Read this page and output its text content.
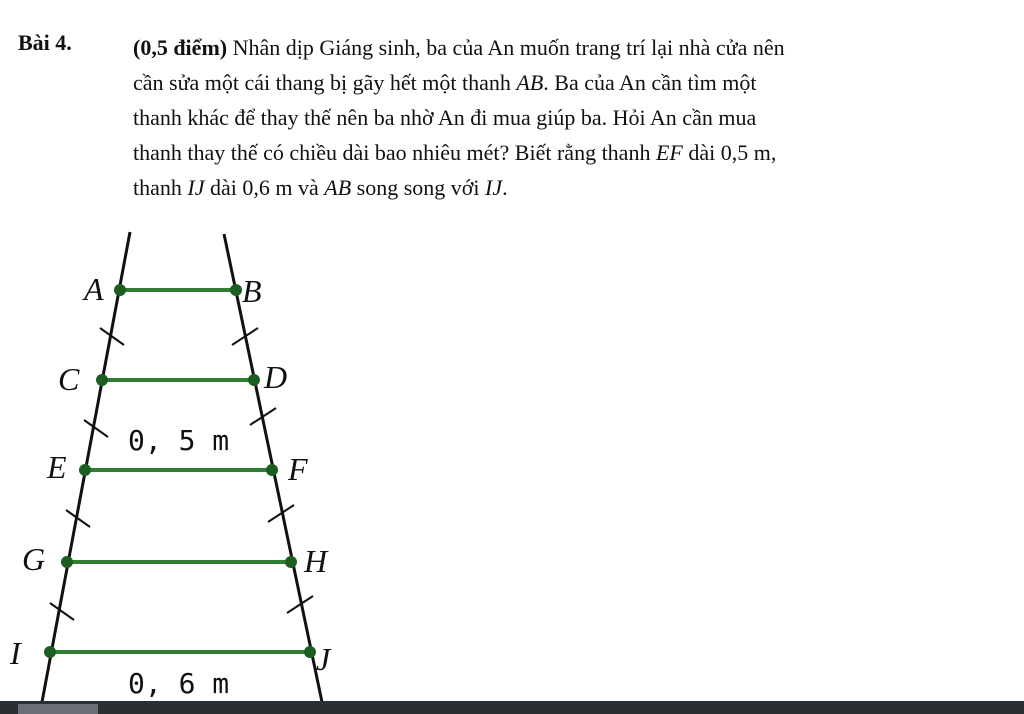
Bài 4.	(0,5 điểm) Nhân dịp Giáng sinh, ba của An muốn trang trí lại nhà cửa nên
cần sửa một cái thang bị gãy hết một thanh AB. Ba của An cần tìm một
thanh khác để thay thế nên ba nhờ An đi mua giúp ba. Hỏi An cần mua
thanh thay thế có chiều dài bao nhiêu mét? Biết rằng thanh EF dài 0,5 m,
thanh IJ dài 0,6 m và AB song song với IJ.
A	B
C	D
E	F
G	H
I	J
0, 5 m
0, 6 m
